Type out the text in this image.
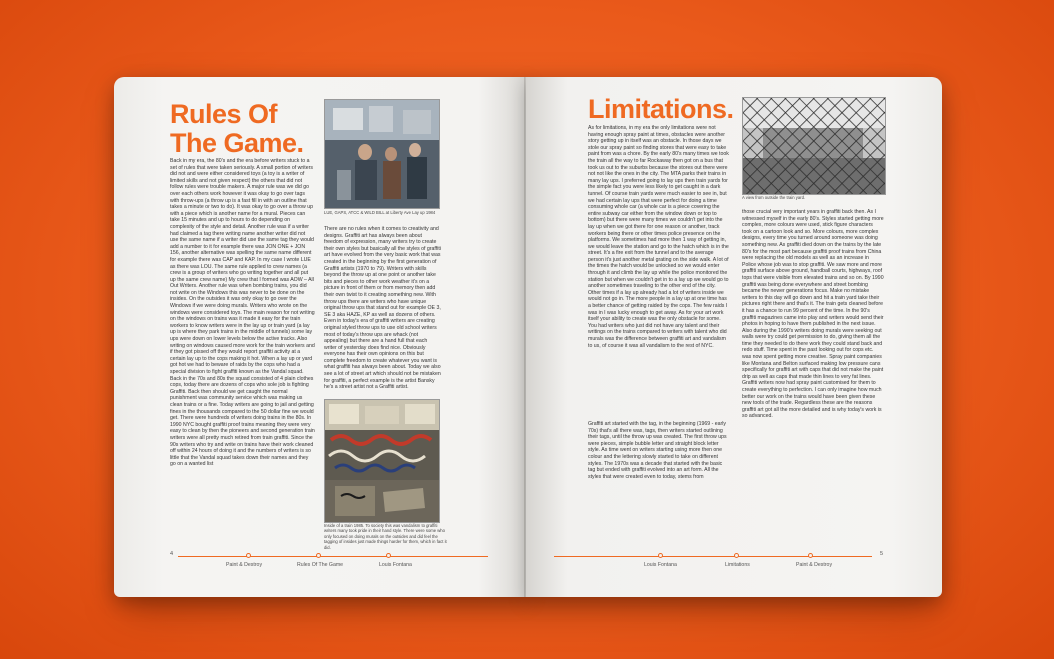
Rules Of
The Game.
Back in my era, the 80’s and the era before writers stuck to a set of rules that were taken seriously. A small portion of writers did not and were either considered toys (a toy is a writer of limited skills and not given respect) the others that did not follow rules were trouble makers. A major rule was we did go over each others work however it was okay to go over tags with throw-ups (a throw up is a fast fill in with an outline that takes a minute or two to do). It was okay to go over a throw up with a piece which is another name for a mural. Pieces can take 15 minutes and up to hours to do depending on complexity of the style and detail. Another rule was if a writer had claimed a tag there writing name another writer did not use the same name if a writer did use the same tag they would add a number to it for example there was JON ONE + JON 156, another alternative was spelling the same name different for example there was CAP and KAP. In my case I wrote LUE as there was LOU. The same rule applied to crew names (a crew is a group of writers who go writing together and all put up the same crew name) My crew that I formed was AOW – All Out Writers. Another rule was when bombing trains, you did not write on the Windows this was never to be done on the insides. On the outsides it was only okay to go over the Windows if we were doing murals. Writers who wrote on the windows were considered toys. The main reason for not writing on the windows on trains was it made it easy for the train workers to know writers were in the lay up or train yard (a lay up is where they park trains in the middle of tunnels) some lay ups were down on lower levels below the active tracks. Also writing on windows caused more work for the train workers and if they got pissed off they would report graffiti activity at a certain lay up to the cops making it hot. When a lay up or yard got hot we had to beware of raids by the cops who had a special division to fight graffiti known as the Vandal squad. Back in the 70s and 80s the squad consisted of 4 plain clothes cops, today there are dozens of cops who sole job is fighting Graffiti. Back then should we get caught the normal punishment was community service which was making us clean trains or a fine. Today writers are going to jail and getting fines in the thousands compared to the 50 dollar fine we would get. There were hundreds of writers doing trains in the 80s. In 1990 NYC bought graffiti proof trains meaning they were very easy to clean by then the pioneers and second generation train writers were all pretty much retired from train graffiti. Since the 90s writers who try and write on trains have their work cleaned off within 24 hours of doing it and the numbers of writers is so little that the Vandal squad takes down their names and they go on a wanted list
LUE, GAPS, ATCC & WILD BILL at Liberty Ave Lay up 1984
There are no rules when it comes to creativity and designs. Graffiti art has always been about freedom of expression, many writers try to create their own styles but basically all the styles of graffiti art have evolved from the very basic work that was created in the beginning by the first generation of Graffiti artists (1970 to 79). Writers with skills beyond the throw up at one point or another take bits and pieces to other work weather it's on a picture in front of them or from memory then add their own twist to it creating something new. With throw ups there are writers who have unique original throw ups that stand out for example OE 3, SE 3 aka HAZE, KP as well as dozens of others. Even in today's era of graffiti writers are creating original styled throw ups to use old school writers most of today's throw ups are whack (not appealing) but there are a hand full that each writer of yesterday does find nice. Obviously everyone has their own opinions on this but complete freedom to create whatever you want is what graffiti has always been about. Today we also see a lot of street art which should not be mistaken for graffiti, a perfect example is the artist Bansky he's a street artist not a Graffiti artist.
Inside of a train 1985. To society this was vandalism to graffiti writers many took pride in their hand style. There were some who only focused on doing murals on the outsides and did feel the tagging of insides just made things harder for them, which in fact it did.
4
Paint & Destroy	Rules Of The Game	Louis Fontana
Limitations.
A view from outside the train yard.
As for limitations, in my era the only limitations were not having enough spray paint at times, obstacles were another story getting up in itself was an obstacle. In those days we stole our spray paint so finding stores that were easy to take paint from was a chore. By the early 80's many times we took the train all the way to far Rockaway then got on a bus that took us out to the suburbs because the stores out there were not not like the ones in the city. The MTA parks their trains in many lay ups. I preferred going to lay ups then train yards for the simple fact you were less likely to get caught in a dark tunnel. Of course train yards were much easier to see in, but we had certain lay ups that were perfect for doing a time consuming whole car (a whole car is a piece covering the entire subway car either from the window down or top to bottom) but there were many times we couldn't get into the lay up when we got there for one reason or another, track workers being there or other times police presence on the platforms. We sometimes had more then 1 way of getting in, we would leave the station and go to the hatch which is in the street. It's a fire exit from the tunnel and to the average person it's just another metal grating on the side walk. A lot of the times the hatch would be unlocked so we would enter through it and climb the lay up while the police monitored the station but when we couldn't get in to a lay up we would go to another sometimes traveling to the other end of the city. Other times if a lay up already had a lot of writers inside we would not go in. The more people in a lay up at one time has a better chance of getting raided by the cops. The few raids I was in I was lucky enough to get away. As for your art work itself your ability to create was the only obstacle for some. You had writers who just did not have any talent and their writings on the trains compared to writers with talent who did murals was the difference between graffiti art and vandalism to us, of course it was all vandalism to the rest of NYC.
Graffiti art started with the tag, in the beginning (1969 - early 70s) that's all there was, tags, then writers started outlining their tags, until the throw up was created. The first throw ups were pieces, simple bubble letter and straight block letter style. As time went on writers starting using more then one colour and the lettering slowly started to take on different styles. The 1970s was a decade that started with the basic tag but ended with graffiti evolved into an art form. All the styles that were created even to today, stems from
those crucial very important years in graffiti back then. As I witnessed myself in the early 80's. Styles started getting more complex, more colours were used, stick figure characters took on a cartoon look and so. More colours, more complex designs, every time you turned around someone was doing something new. As graffiti died down on the trains by the late 80's for the most part because graffiti proof trains from China were replacing the old models as well as an increase in Police whose job was to stop graffiti. We saw more and more graffiti surface above ground, handball courts, highways, roof tops that were visible from elevated trains and so on. By 1990 graffiti was being done everywhere and street bombing became the newer generations focus. Make no mistake writers to this day will go down and hit a train yard take their pictures right there and that's it. The train gets cleaned before it has a chance to run 99 percent of the time. In the 90's graffiti magazines came into play and writers would send their photos in hoping to have them published in the next issue. Also during the 1990's writers doing murals were seeking out walls were try could get permission to do, giving them all the time they needed to do there work they could stand back and redo stuff. Time spent in the past looking out for cops etc. was now spent getting more creative. Spray paint companies like Montana and Belton surfaced making low pressure cans specifically for graffiti art with caps that did not make the paint drip as well as caps that made thin lines to very fat lines. Graffiti writers now had spray paint customised for them to create everything to perfection. I can only imagine how much better our work on the trains would have been given these new tools of the trade. Regardless these are the reasons graffiti art got all the more detailed and is why today's work is so advanced.
Louis Fontana	Limitations	Paint & Destroy
5
